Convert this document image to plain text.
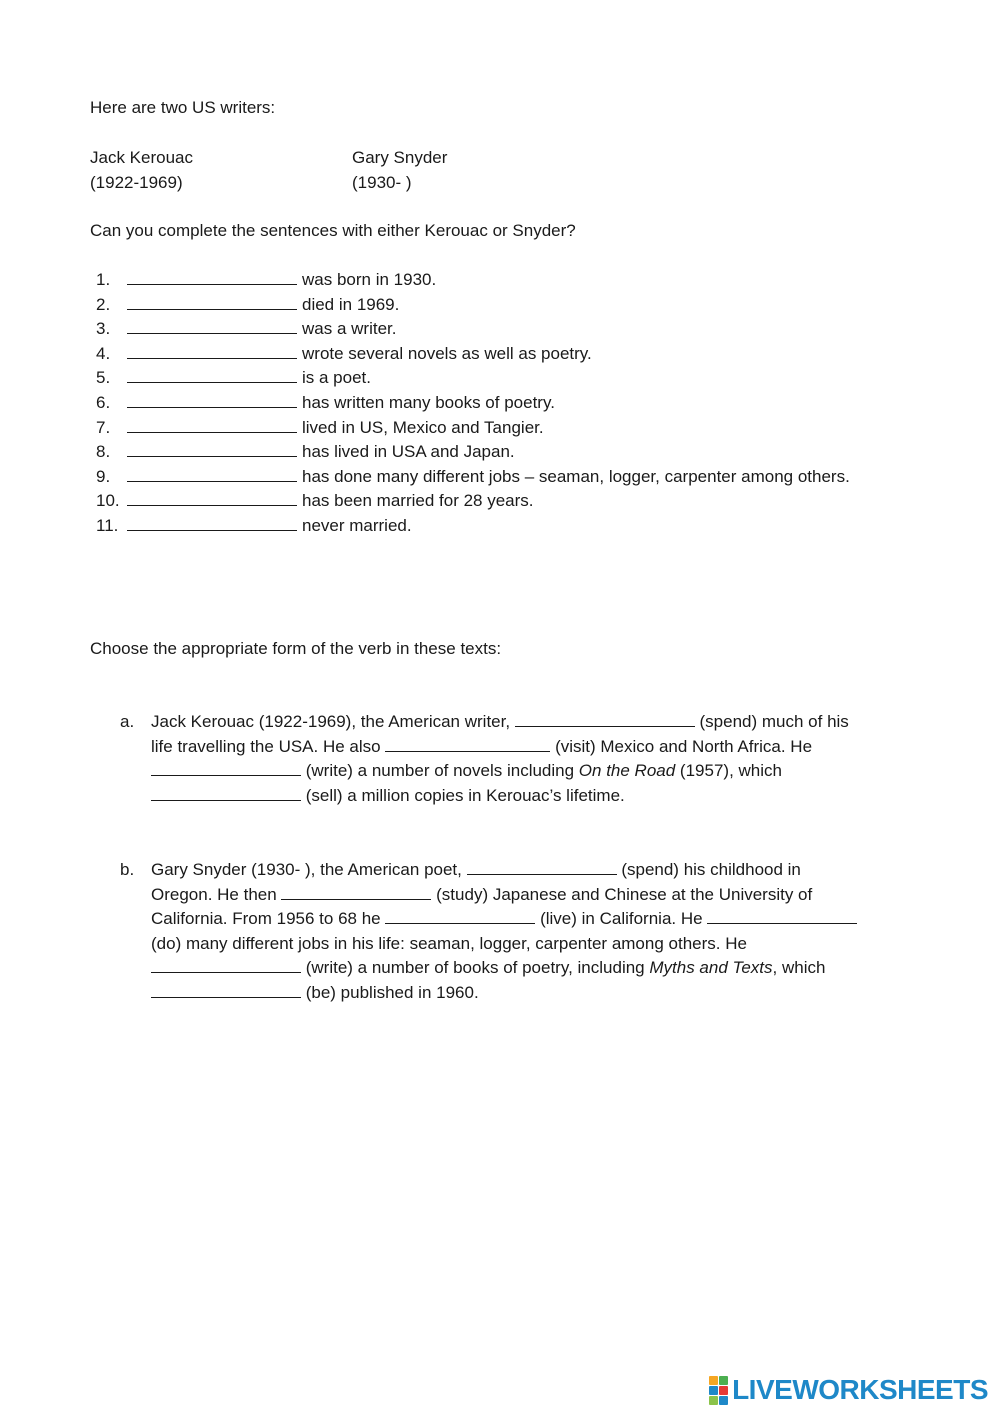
Here are two US writers:
Jack Kerouac
(1922-1969)
Gary Snyder
(1930- )
Can you complete the sentences with either Kerouac or Snyder?
1.	was born in 1930.
2.	died in 1969.
3.	was a writer.
4.	wrote several novels as well as poetry.
5.	is a poet.
6.	has written many books of poetry.
7.	lived in US, Mexico and Tangier.
8.	has lived in USA and Japan.
9.	has done many different jobs – seaman, logger, carpenter among others.
10.	has been married for 28 years.
11.	never married.
Choose the appropriate form of the verb in these texts:
a. Jack Kerouac (1922-1969), the American writer,	(spend) much of his
life travelling the USA. He also	(visit) Mexico and North Africa. He
(write) a number of novels including On the Road (1957), which
(sell) a million copies in Kerouac’s lifetime.
b. Gary Snyder (1930- ), the American poet,	(spend) his childhood in
Oregon. He then	(study) Japanese and Chinese at the University of
California. From 1956 to 68 he	(live) in California. He
(do) many different jobs in his life: seaman, logger, carpenter among others. He
(write) a number of books of poetry, including Myths and Texts, which
(be) published in 1960.
LIVEWORKSHEETS
